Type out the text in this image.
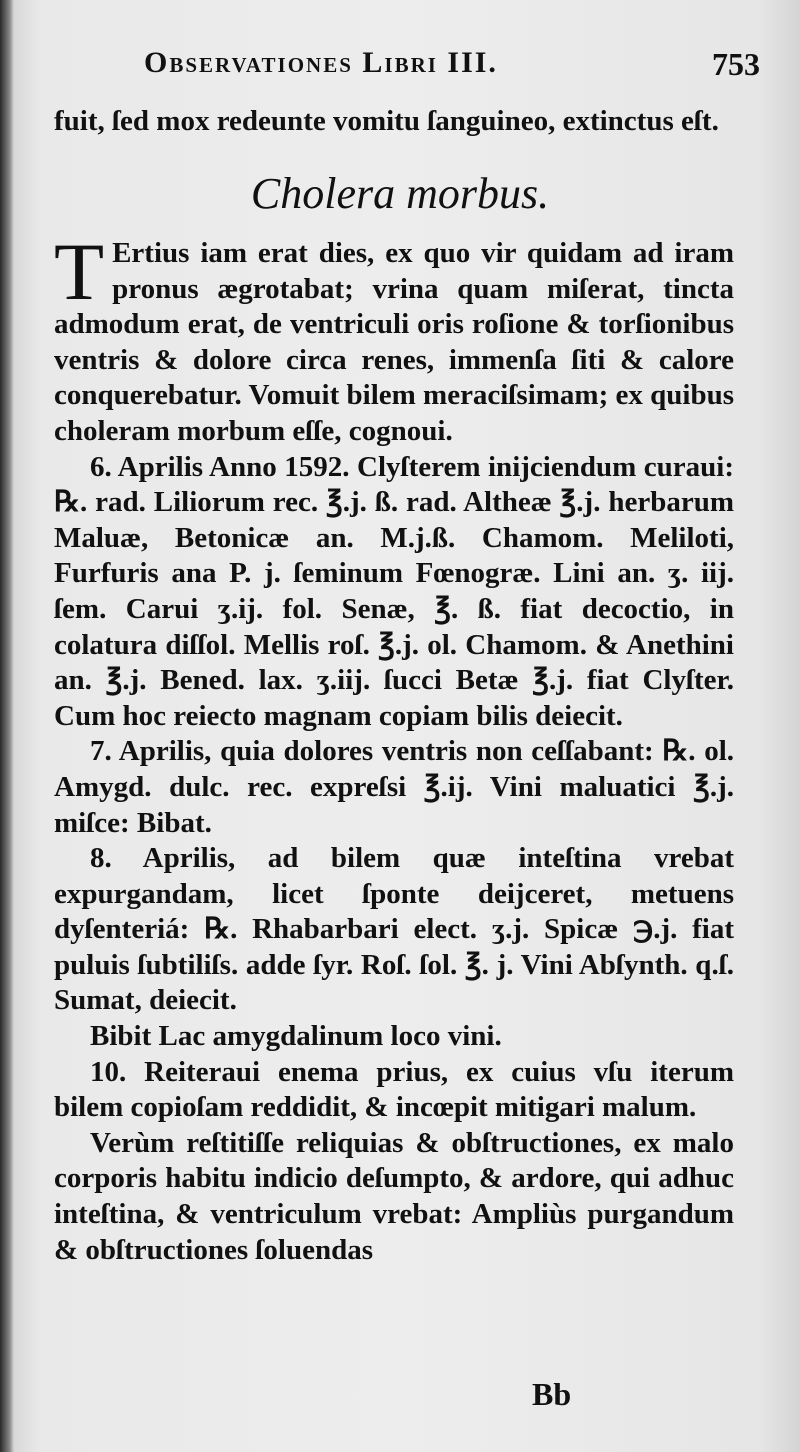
Observationes Libri III.	753

fuit, ſed mox redeunte vomitu ſanguineo, extinctus eſt.

Cholera morbus.

T Ertius iam erat dies, ex quo vir quidam ad iram pronus ægrotabat; vrina quam miſerat, tincta admodum erat, de ventriculi oris roſione & torſionibus ventris & dolore circa renes, immenſa ſiti & calore conquerebatur. Vomuit bilem meraciſsimam; ex quibus choleram morbum eſſe, cognoui.

6. Aprilis Anno 1592. Clyſterem inijciendum curaui: ℞. rad. Liliorum rec. ℥.j. ß. rad. Altheæ ℥.j. herbarum Maluæ, Betonicæ an. M.j.ß. Chamom. Meliloti, Furfuris ana P. j. ſeminum Fœnogræ. Lini an. ʒ. iij. ſem. Carui ʒ.ij. fol. Senæ, ℥. ß. fiat decoctio, in colatura diſſol. Mellis roſ. ℥.j. ol. Chamom. & Anethini an. ℥.j. Bened. lax. ʒ.iij. ſucci Betæ ℥.j. fiat Clyſter. Cum hoc reiecto magnam copiam bilis deiecit.

7. Aprilis, quia dolores ventris non ceſſabant: ℞. ol. Amygd. dulc. rec. expreſsi ℥.ij. Vini maluatici ℥.j. miſce: Bibat.

8. Aprilis, ad bilem quæ inteſtina vrebat expurgandam, licet ſponte deijceret, metuens dyſenteriá: ℞. Rhabarbari elect. ʒ.j. Spicæ ℈.j. fiat puluis ſubtiliſs. adde ſyr. Roſ. ſol. ℥. j. Vini Abſynth. q.ſ. Sumat, deiecit.

Bibit Lac amygdalinum loco vini.

10. Reiteraui enema prius, ex cuius vſu iterum bilem copioſam reddidit, & incœpit mitigari malum.

Verùm reſtitiſſe reliquias & obſtructiones, ex malo corporis habitu indicio deſumpto, & ardore, qui adhuc inteſtina, & ventriculum vrebat: Ampliùs purgandum & obſtructiones ſoluendas

Bb
